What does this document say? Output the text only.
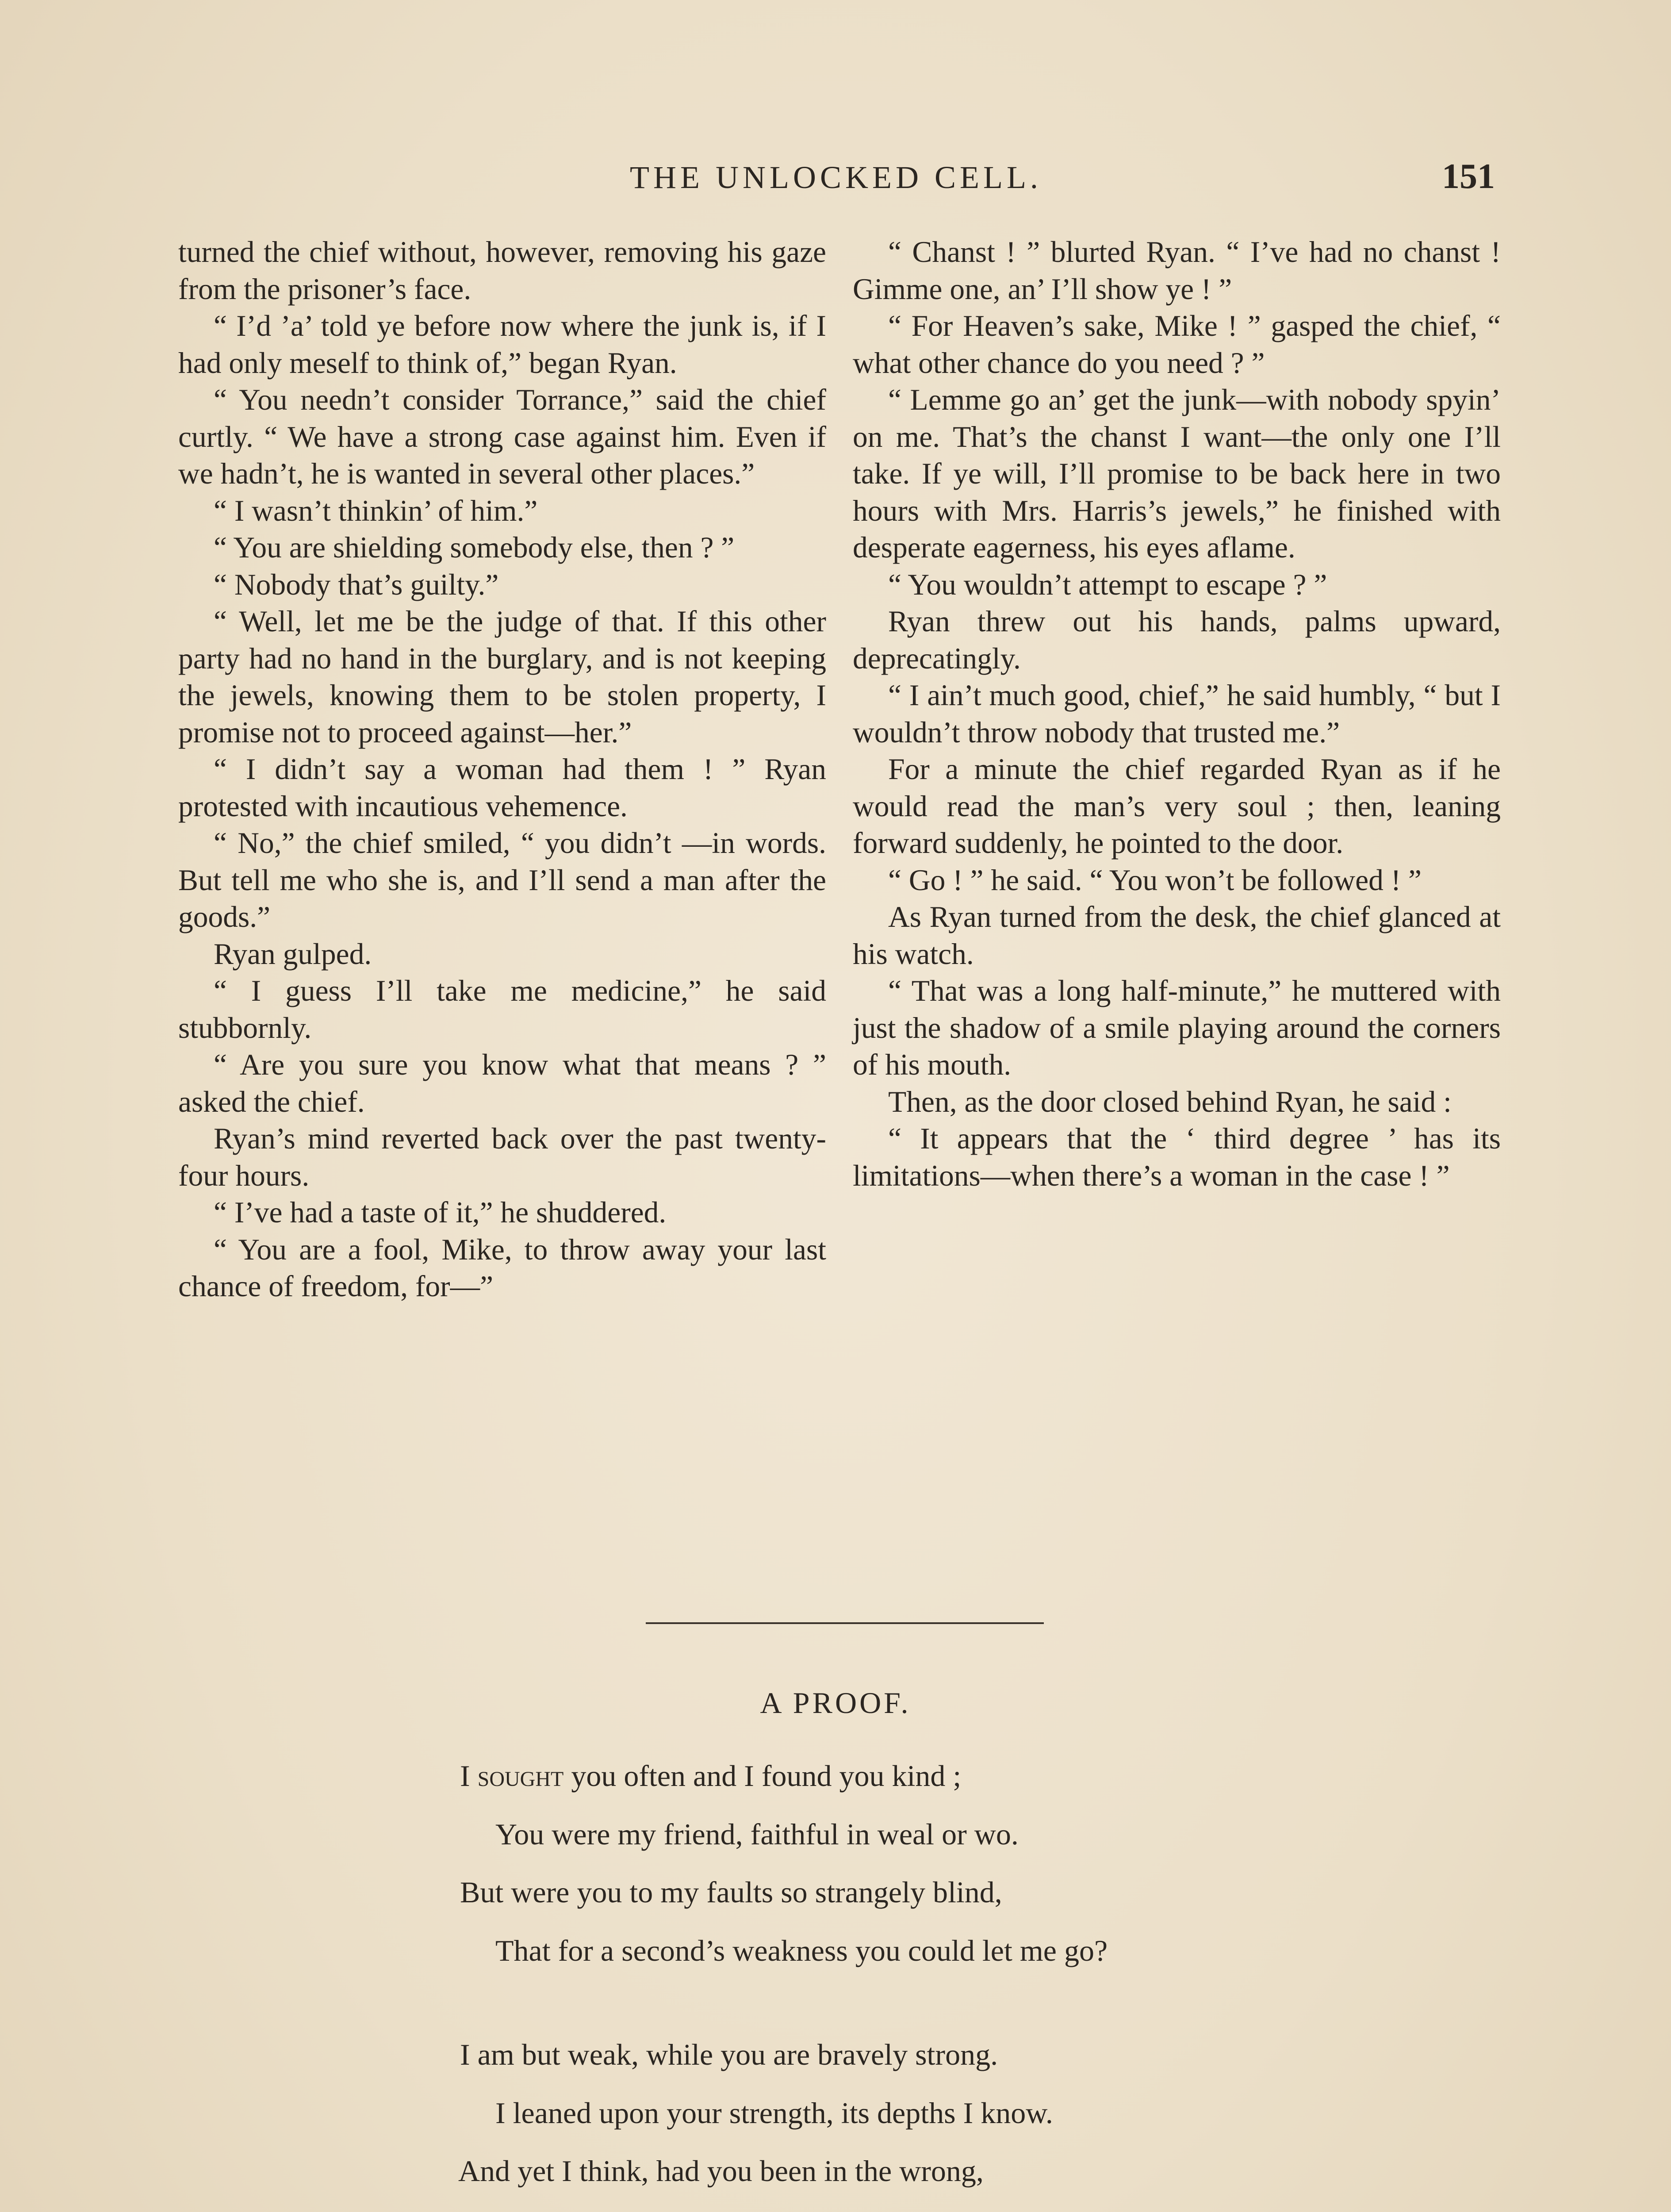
THE UNLOCKED CELL.	151

turned the chief without, however, removing his gaze from the prisoner’s face.

“ I’d ’a’ told ye before now where the junk is, if I had only meself to think of,” began Ryan.

“ You needn’t consider Torrance,” said the chief curtly. “ We have a strong case against him. Even if we hadn’t, he is wanted in several other places.”

“ I wasn’t thinkin’ of him.”

“ You are shielding somebody else, then ? ”

“ Nobody that’s guilty.”

“ Well, let me be the judge of that. If this other party had no hand in the burglary, and is not keeping the jewels, knowing them to be stolen property, I promise not to proceed against—her.”

“ I didn’t say a woman had them ! ” Ryan protested with incautious vehemence.

“ No,” the chief smiled, “ you didn’t —in words. But tell me who she is, and I’ll send a man after the goods.”

Ryan gulped.

“ I guess I’ll take me medicine,” he said stubbornly.

“ Are you sure you know what that means ? ” asked the chief.

Ryan’s mind reverted back over the past twenty-four hours.

“ I’ve had a taste of it,” he shuddered.

“ You are a fool, Mike, to throw away your last chance of freedom, for—”

“ Chanst ! ” blurted Ryan. “ I’ve had no chanst ! Gimme one, an’ I’ll show ye ! ”

“ For Heaven’s sake, Mike ! ” gasped the chief, “ what other chance do you need ? ”

“ Lemme go an’ get the junk—with nobody spyin’ on me. That’s the chanst I want—the only one I’ll take. If ye will, I’ll promise to be back here in two hours with Mrs. Harris’s jewels,” he finished with desperate eagerness, his eyes aflame.

“ You wouldn’t attempt to escape ? ”

Ryan threw out his hands, palms upward, deprecatingly.

“ I ain’t much good, chief,” he said humbly, “ but I wouldn’t throw nobody that trusted me.”

For a minute the chief regarded Ryan as if he would read the man’s very soul ; then, leaning forward suddenly, he pointed to the door.

“ Go ! ” he said. “ You won’t be followed ! ”

As Ryan turned from the desk, the chief glanced at his watch.

“ That was a long half-minute,” he muttered with just the shadow of a smile playing around the corners of his mouth.

Then, as the door closed behind Ryan, he said :

“ It appears that the ‘ third degree ’ has its limitations—when there’s a woman in the case ! ”

A PROOF.
I sought you often and I found you kind ;
You were my friend, faithful in weal or wo.
But were you to my faults so strangely blind,
That for a second’s weakness you could let me go?
I am but weak, while you are bravely strong.
I leaned upon your strength, its depths I know.
And yet I think, had you been in the wrong,
